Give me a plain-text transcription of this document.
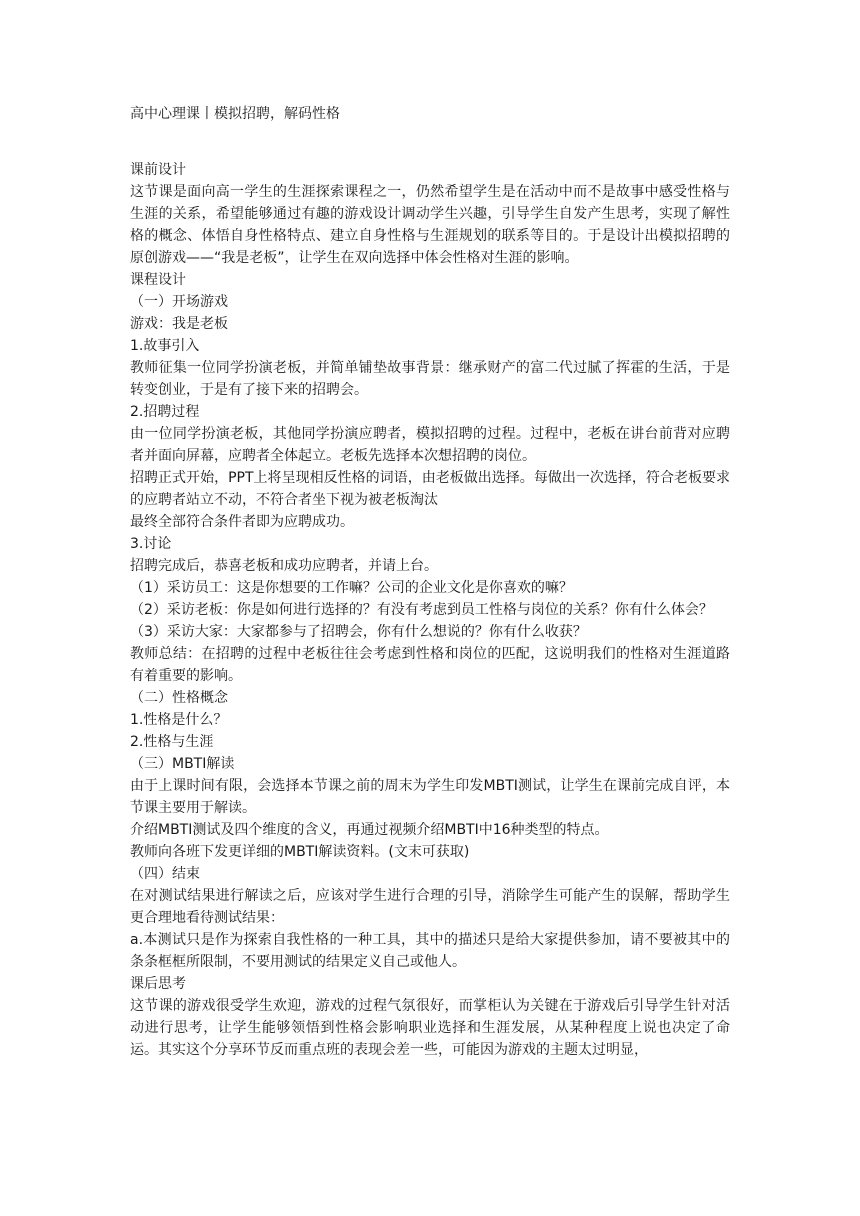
高中心理课丨模拟招聘，解码性格
课前设计
这节课是面向高一学生的生涯探索课程之一，仍然希望学生是在活动中而不是故事中感受性格与生涯的关系，希望能够通过有趣的游戏设计调动学生兴趣，引导学生自发产生思考，实现了解性格的概念、体悟自身性格特点、建立自身性格与生涯规划的联系等目的。于是设计出模拟招聘的原创游戏——“我是老板”，让学生在双向选择中体会性格对生涯的影响。
课程设计
（一）开场游戏
游戏：我是老板
1.故事引入
教师征集一位同学扮演老板，并简单铺垫故事背景：继承财产的富二代过腻了挥霍的生活，于是转变创业，于是有了接下来的招聘会。
2.招聘过程
由一位同学扮演老板，其他同学扮演应聘者，模拟招聘的过程。过程中，老板在讲台前背对应聘者并面向屏幕，应聘者全体起立。老板先选择本次想招聘的岗位。
招聘正式开始，PPT上将呈现相反性格的词语，由老板做出选择。每做出一次选择，符合老板要求的应聘者站立不动，不符合者坐下视为被老板淘汰
最终全部符合条件者即为应聘成功。
3.讨论
招聘完成后，恭喜老板和成功应聘者，并请上台。
（1）采访员工：这是你想要的工作嘛？公司的企业文化是你喜欢的嘛？
（2）采访老板：你是如何进行选择的？有没有考虑到员工性格与岗位的关系？你有什么体会？
（3）采访大家：大家都参与了招聘会，你有什么想说的？你有什么收获？
教师总结：在招聘的过程中老板往往会考虑到性格和岗位的匹配，这说明我们的性格对生涯道路有着重要的影响。
（二）性格概念
1.性格是什么？
2.性格与生涯
（三）MBTI解读
由于上课时间有限，会选择本节课之前的周末为学生印发MBTI测试，让学生在课前完成自评，本节课主要用于解读。
介绍MBTI测试及四个维度的含义，再通过视频介绍MBTI中16种类型的特点。
教师向各班下发更详细的MBTI解读资料。(文末可获取)
（四）结束
在对测试结果进行解读之后，应该对学生进行合理的引导，消除学生可能产生的误解，帮助学生更合理地看待测试结果：
a.本测试只是作为探索自我性格的一种工具，其中的描述只是给大家提供参加，请不要被其中的条条框框所限制，不要用测试的结果定义自己或他人。
课后思考
这节课的游戏很受学生欢迎，游戏的过程气氛很好，而掌柜认为关键在于游戏后引导学生针对活动进行思考，让学生能够领悟到性格会影响职业选择和生涯发展，从某种程度上说也决定了命运。其实这个分享环节反而重点班的表现会差一些，可能因为游戏的主题太过明显，
